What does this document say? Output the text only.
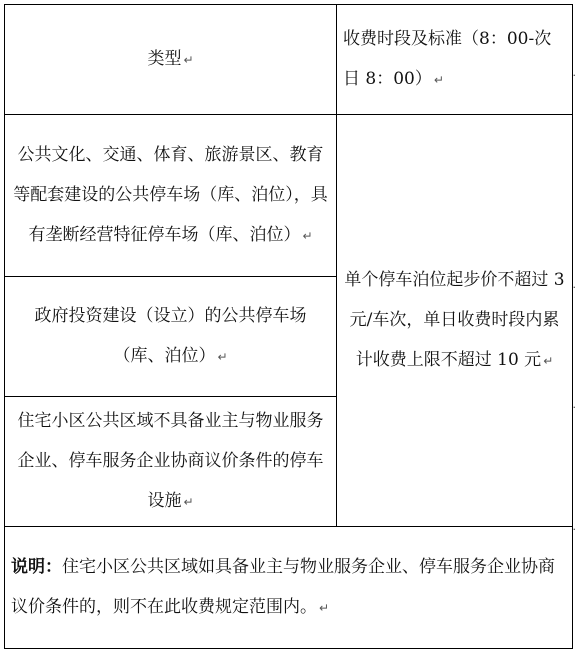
类型 ↵	收费时段及标准（8：00-次日 8：00） ↵
公共文化、交通、体育、旅游景区、教育等配套建设的公共停车场（库、泊位），具有垄断经营特征停车场（库、泊位） ↵	单个停车泊位起步价不超过 3 元/车次，单日收费时段内累计收费上限不超过 10 元 ↵
政府投资建设（设立）的公共停车场（库、泊位） ↵	
住宅小区公共区域不具备业主与物业服务企业、停车服务企业协商议价条件的停车设施 ↵	
说明：住宅小区公共区域如具备业主与物业服务企业、停车服务企业协商议价条件的，则不在此收费规定范围内。 ↵	
·
·
·
·
